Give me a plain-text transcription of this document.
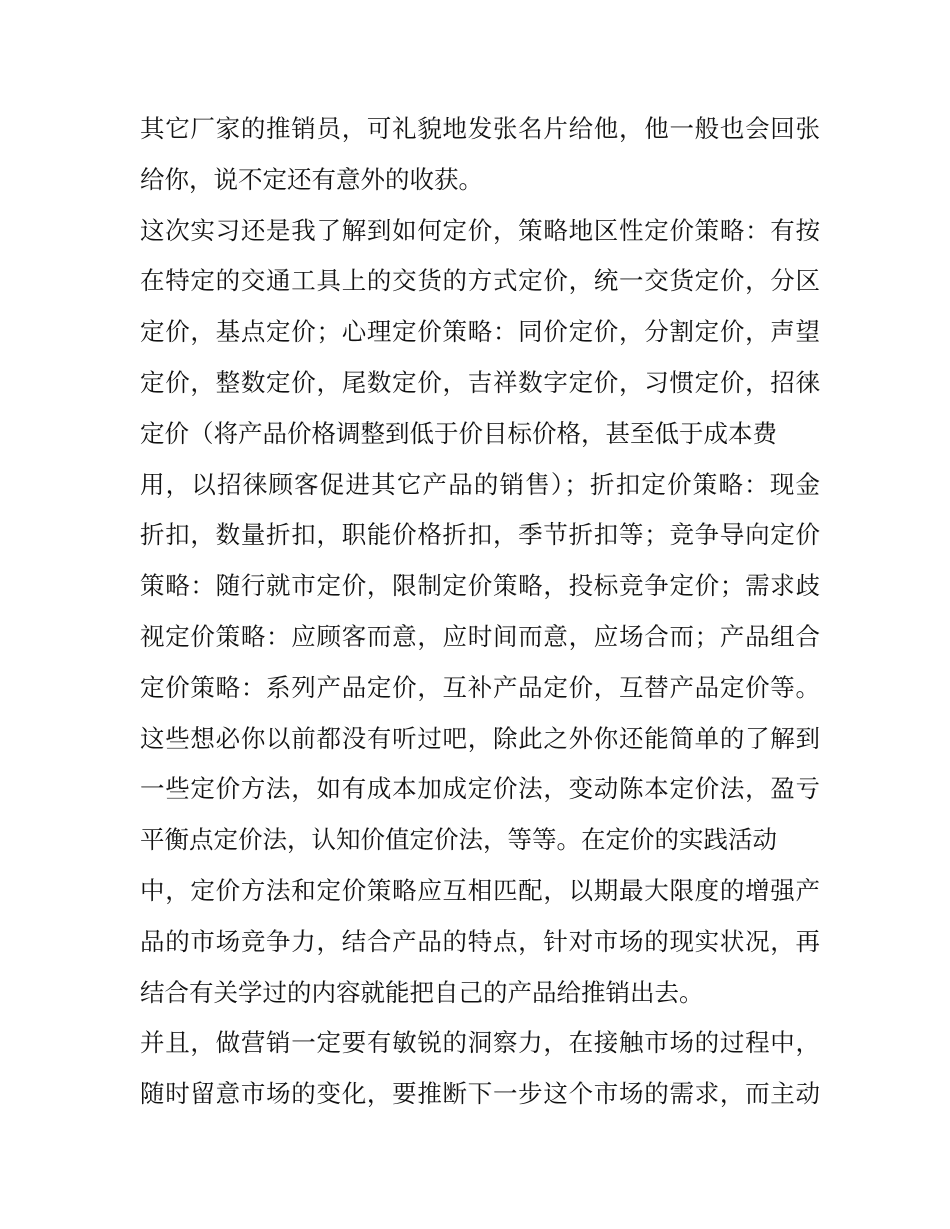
其它厂家的推销员，可礼貌地发张名片给他，他一般也会回张

给你，说不定还有意外的收获。

这次实习还是我了解到如何定价，策略地区性定价策略：有按

在特定的交通工具上的交货的方式定价，统一交货定价，分区

定价，基点定价；心理定价策略：同价定价，分割定价，声望

定价，整数定价，尾数定价，吉祥数字定价，习惯定价，招徕

定价（将产品价格调整到低于价目标价格，甚至低于成本费

用，以招徕顾客促进其它产品的销售）；折扣定价策略：现金

折扣，数量折扣，职能价格折扣，季节折扣等；竞争导向定价

策略：随行就市定价，限制定价策略，投标竞争定价；需求歧

视定价策略：应顾客而意，应时间而意，应场合而；产品组合

定价策略：系列产品定价，互补产品定价，互替产品定价等。

这些想必你以前都没有听过吧，除此之外你还能简单的了解到

一些定价方法，如有成本加成定价法，变动陈本定价法，盈亏

平衡点定价法，认知价值定价法，等等。在定价的实践活动

中，定价方法和定价策略应互相匹配，以期最大限度的增强产

品的市场竞争力，结合产品的特点，针对市场的现实状况，再

结合有关学过的内容就能把自己的产品给推销出去。

并且，做营销一定要有敏锐的洞察力，在接触市场的过程中，

随时留意市场的变化，要推断下一步这个市场的需求，而主动
